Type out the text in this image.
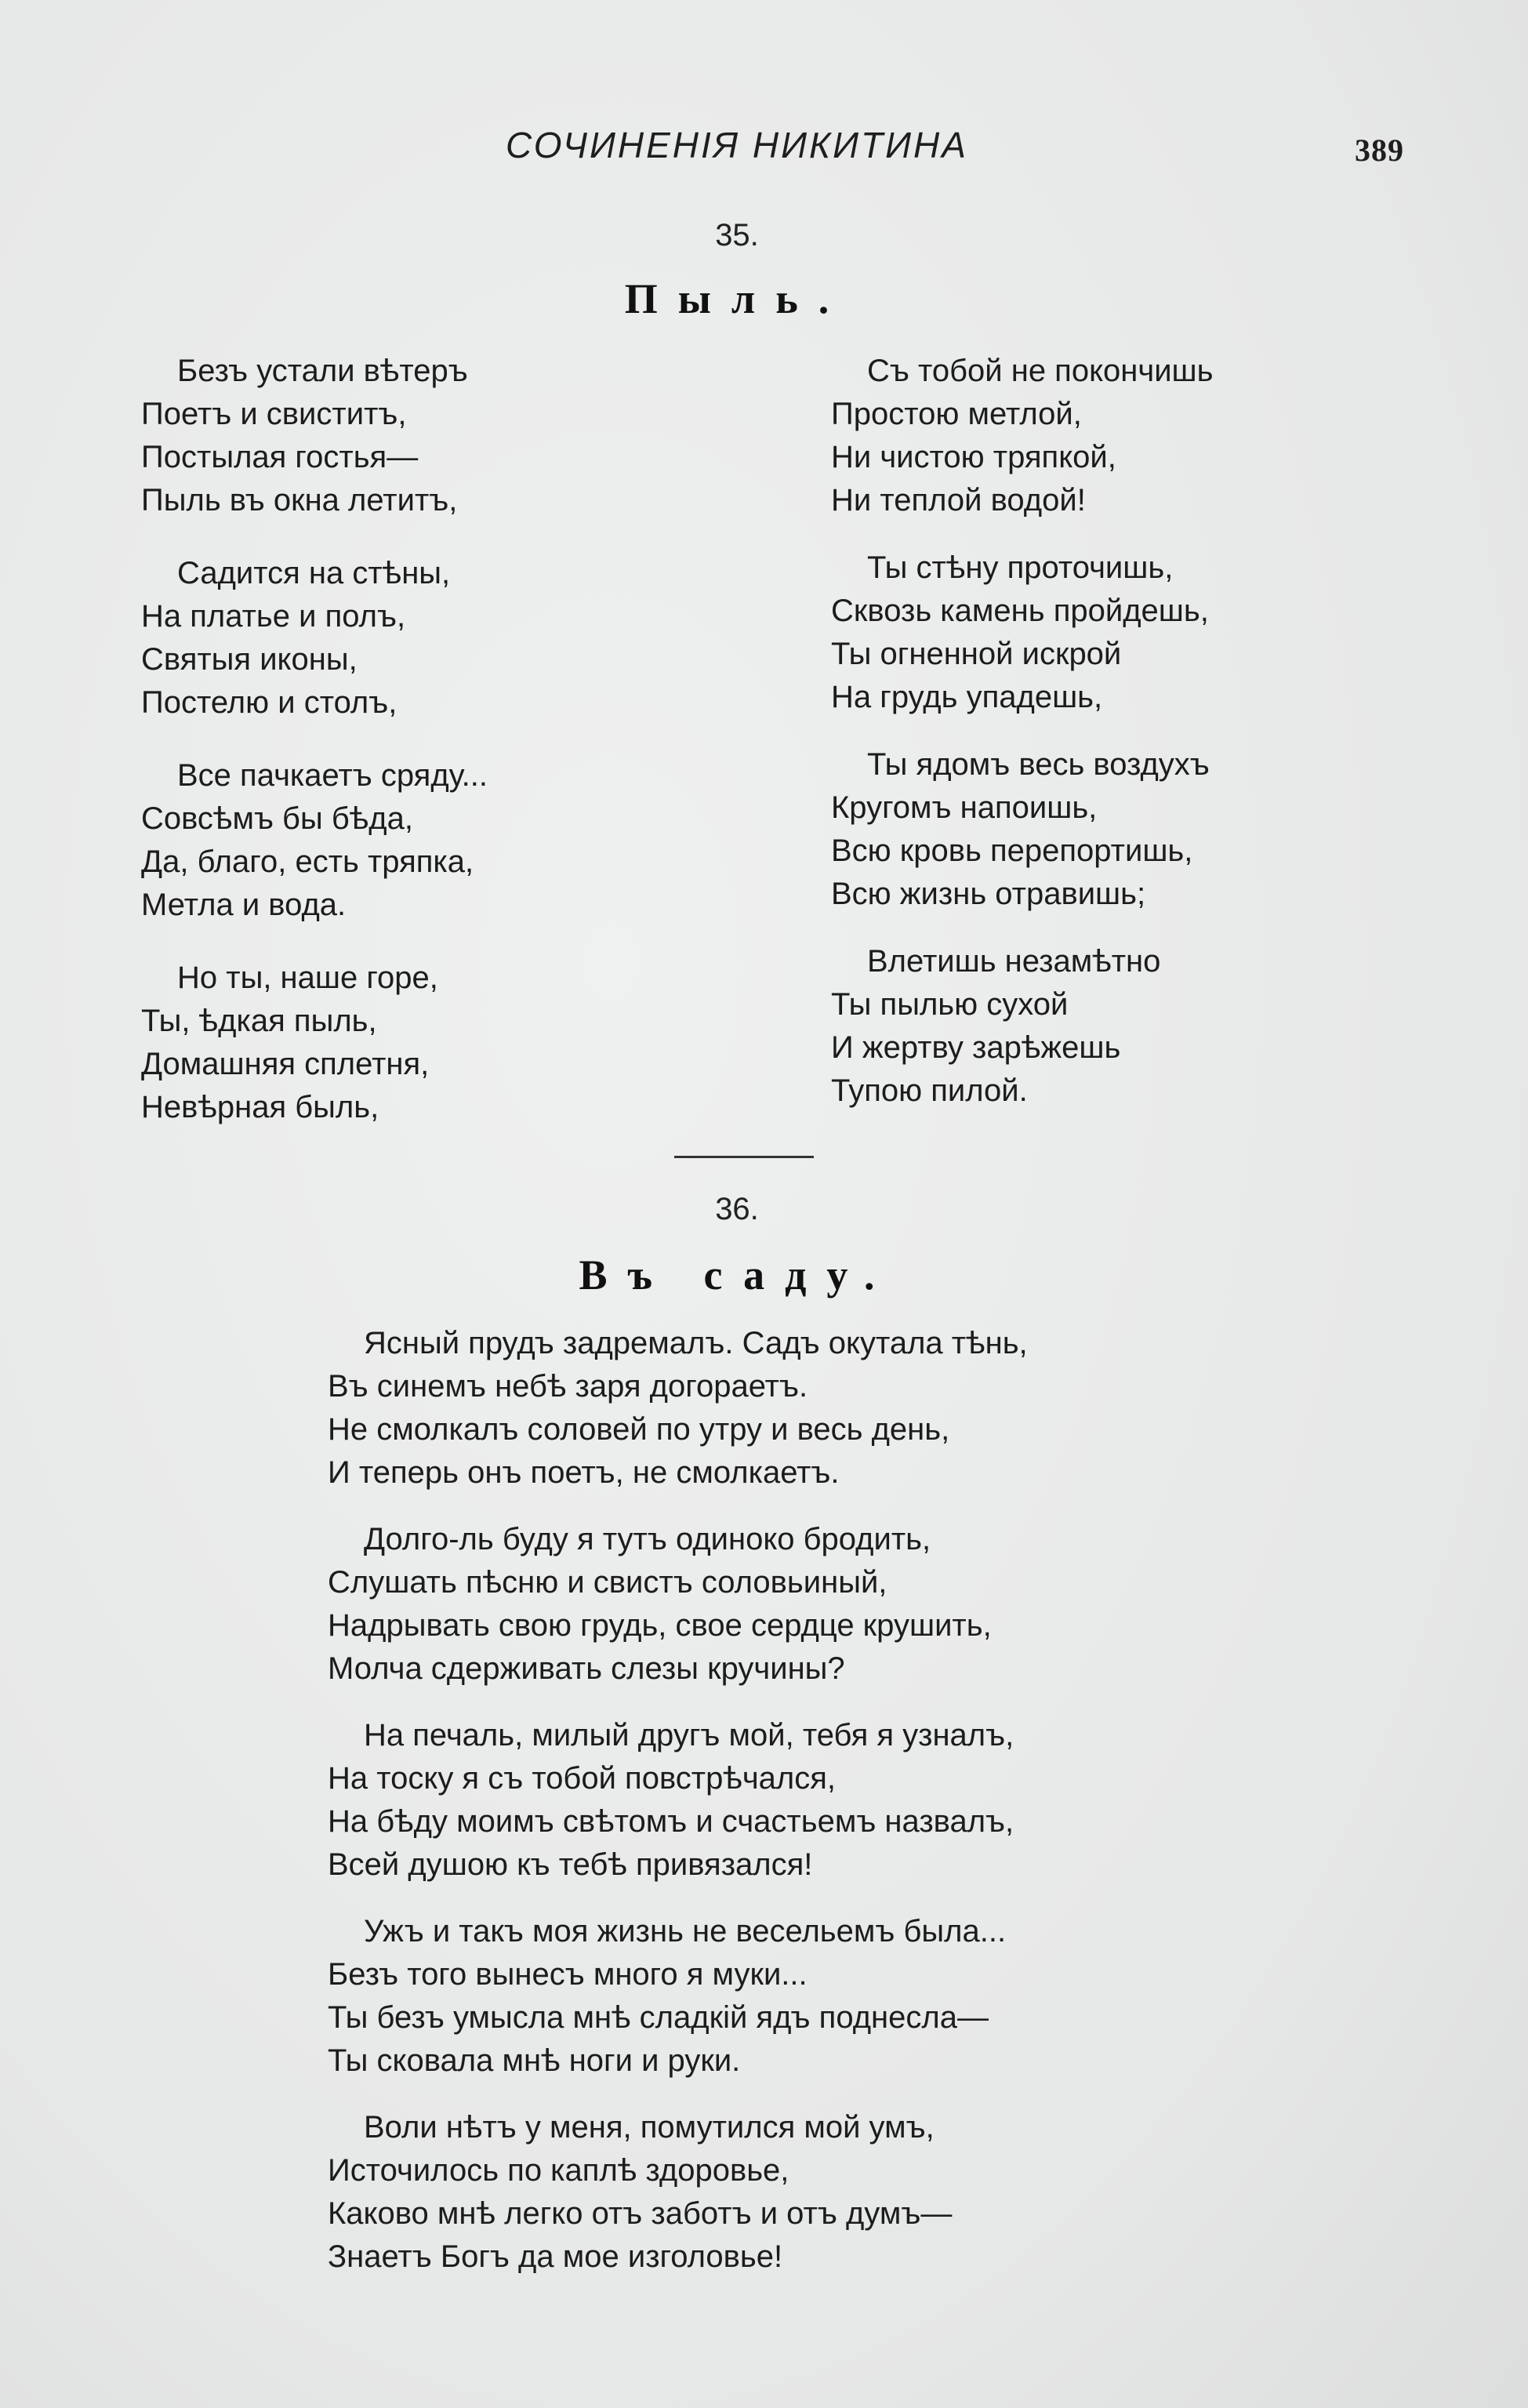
СОЧИНЕНІЯ НИКИТИНА	389
35.
Пыль.
Безъ устали вѣтеръ
Поетъ и свиститъ,
Постылая гостья—
Пыль въ окна летитъ,
Садится на стѣны,
На платье и полъ,
Святыя иконы,
Постелю и столъ,
Все пачкаетъ сряду...
Совсѣмъ бы бѣда,
Да, благо, есть тряпка,
Метла и вода.
Но ты, наше горе,
Ты, ѣдкая пыль,
Домашняя сплетня,
Невѣрная быль,
Съ тобой не покончишь
Простою метлой,
Ни чистою тряпкой,
Ни теплой водой!
Ты стѣну проточишь,
Сквозь камень пройдешь,
Ты огненной искрой
На грудь упадешь,
Ты ядомъ весь воздухъ
Кругомъ напоишь,
Всю кровь перепортишь,
Всю жизнь отравишь;
Влетишь незамѣтно
Ты пылью сухой
И жертву зарѣжешь
Тупою пилой.
36.
Въ саду.
Ясный прудъ задремалъ. Садъ окутала тѣнь,
Въ синемъ небѣ заря догораетъ.
Не смолкалъ соловей по утру и весь день,
И теперь онъ поетъ, не смолкаетъ.
Долго-ль буду я тутъ одиноко бродить,
Слушать пѣсню и свистъ соловьиный,
Надрывать свою грудь, свое сердце крушить,
Молча сдерживать слезы кручины?
На печаль, милый другъ мой, тебя я узналъ,
На тоску я съ тобой повстрѣчался,
На бѣду моимъ свѣтомъ и счастьемъ назвалъ,
Всей душою къ тебѣ привязался!
Ужъ и такъ моя жизнь не весельемъ была...
Безъ того вынесъ много я муки...
Ты безъ умысла мнѣ сладкій ядъ поднесла—
Ты сковала мнѣ ноги и руки.
Воли нѣтъ у меня, помутился мой умъ,
Источилось по каплѣ здоровье,
Каково мнѣ легко отъ заботъ и отъ думъ—
Знаетъ Богъ да мое изголовье!
